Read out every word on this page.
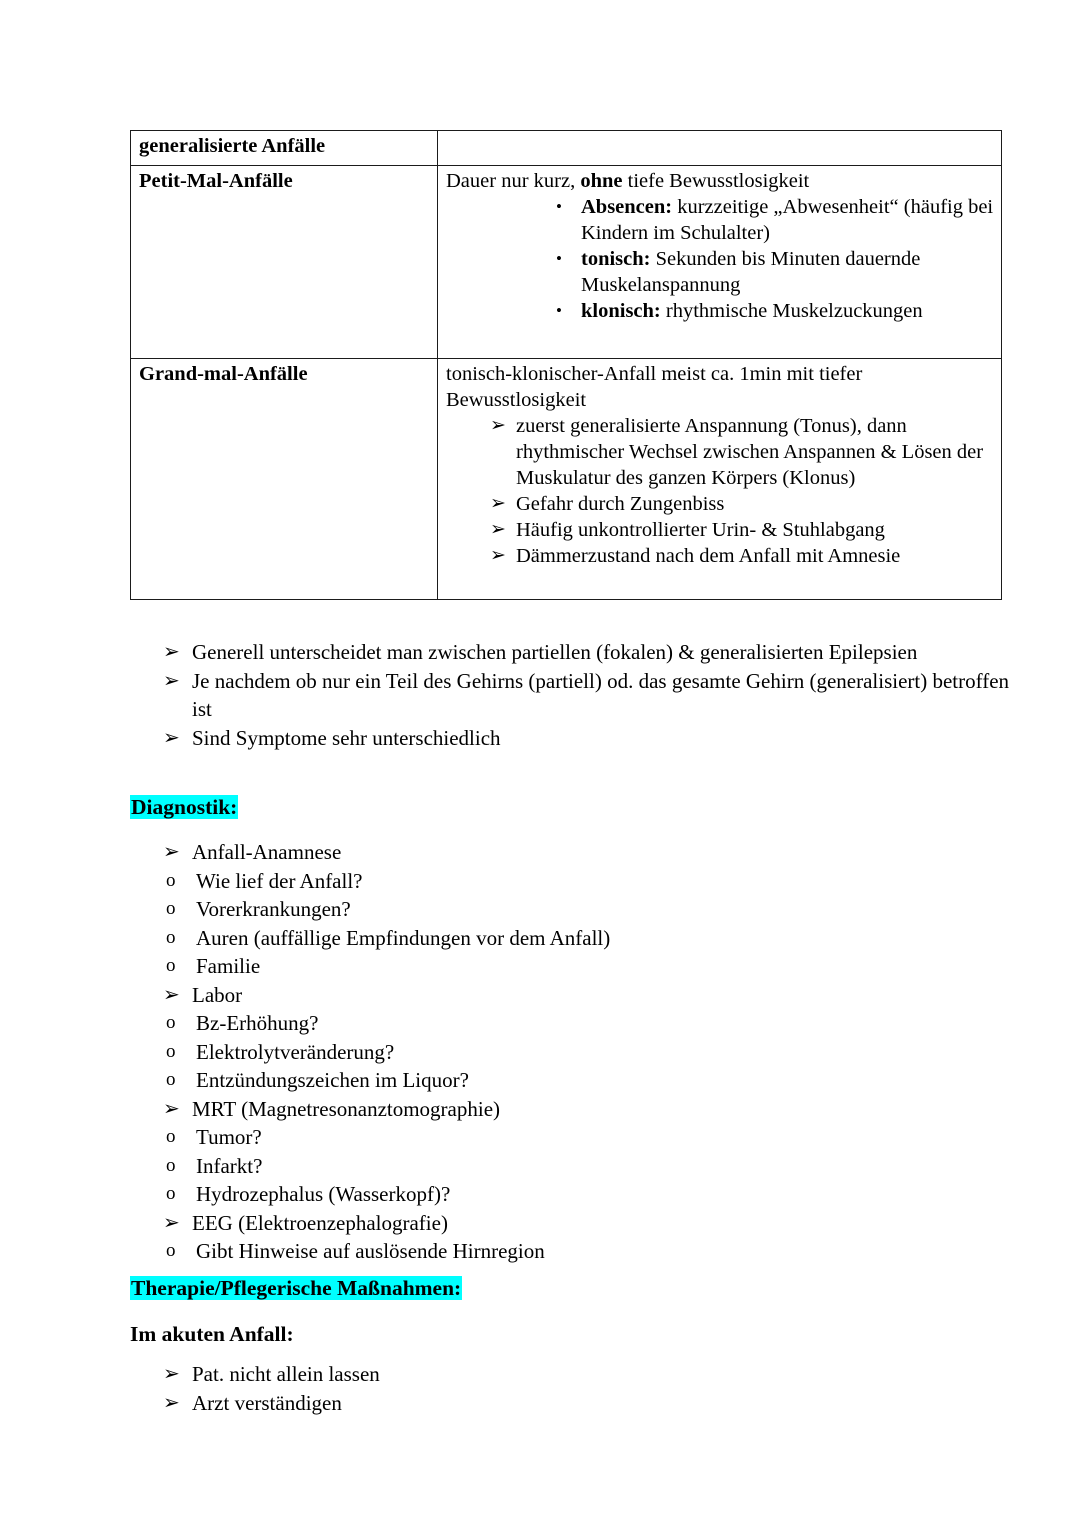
generalisierte Anfälle	
Petit-Mal-Anfälle	Dauer nur kurz, ohne tiefe Bewusstlosigkeit
• Absencen: kurzzeitige „Abwesenheit“ (häufig bei Kindern im Schulalter)
• tonisch: Sekunden bis Minuten dauernde Muskelanspannung
• klonisch: rhythmische Muskelzuckungen

Grand-mal-Anfälle	tonisch-klonischer-Anfall meist ca. 1min mit tiefer Bewusstlosigkeit
➢ zuerst generalisierte Anspannung (Tonus), dann rhythmischer Wechsel zwischen Anspannen & Lösen der Muskulatur des ganzen Körpers (Klonus)
➢ Gefahr durch Zungenbiss
➢ Häufig unkontrollierter Urin- & Stuhlabgang
➢ Dämmerzustand nach dem Anfall mit Amnesie
➢ Generell unterscheidet man zwischen partiellen (fokalen) & generalisierten Epilepsien
➢ Je nachdem ob nur ein Teil des Gehirns (partiell) od. das gesamte Gehirn (generalisiert) betroffen ist
➢ Sind Symptome sehr unterschiedlich
Diagnostik:
➢ Anfall-Anamnese
o Wie lief der Anfall?
o Vorerkrankungen?
o Auren (auffällige Empfindungen vor dem Anfall)
o Familie
➢ Labor
o Bz-Erhöhung?
o Elektrolytveränderung?
o Entzündungszeichen im Liquor?
➢ MRT (Magnetresonanztomographie)
o Tumor?
o Infarkt?
o Hydrozephalus (Wasserkopf)?
➢ EEG (Elektroenzephalografie)
o Gibt Hinweise auf auslösende Hirnregion
Therapie/Pflegerische Maßnahmen:
Im akuten Anfall:
➢ Pat. nicht allein lassen
➢ Arzt verständigen
